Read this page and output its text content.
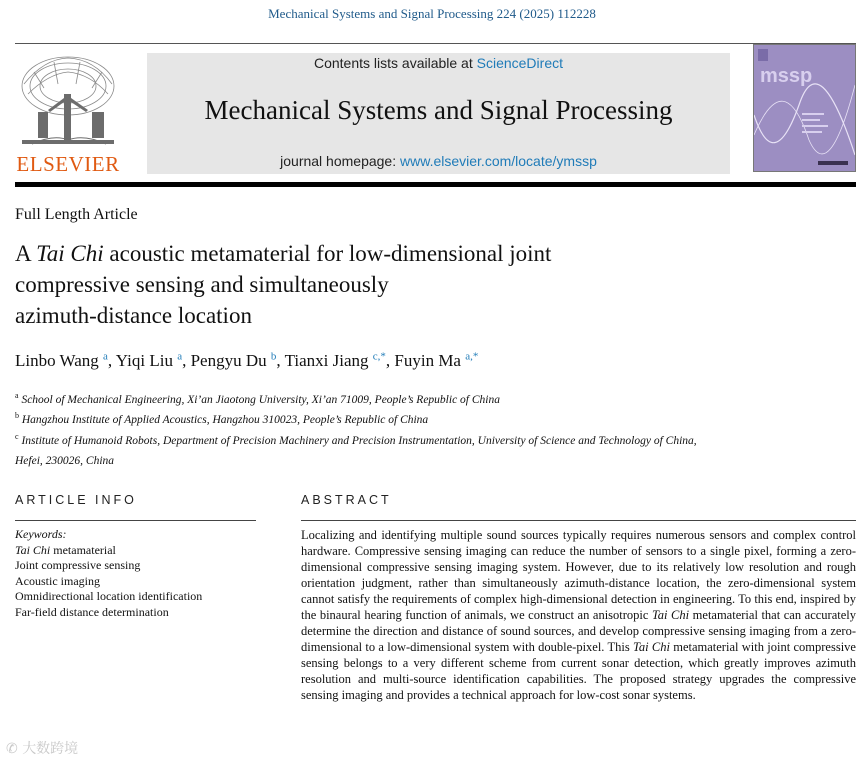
Mechanical Systems and Signal Processing 224 (2025) 112228
ELSEVIER
Contents lists available at ScienceDirect
Mechanical Systems and Signal Processing
journal homepage: www.elsevier.com/locate/ymssp
mssp
Full Length Article
A Tai Chi acoustic metamaterial for low-dimensional joint
compressive sensing and simultaneously
azimuth-distance location
Linbo Wang $^a$, Yiqi Liu $^a$, Pengyu Du $^b$, Tianxi Jiang $^{c,*}$, Fuyin Ma $^{a,*}$
$^a$ School of Mechanical Engineering, Xi’an Jiaotong University, Xi’an 71009, People’s Republic of China
$^b$ Hangzhou Institute of Applied Acoustics, Hangzhou 310023, People’s Republic of China
$^c$ Institute of Humanoid Robots, Department of Precision Machinery and Precision Instrumentation, University of Science and Technology of China,
Hefei, 230026, China
ARTICLE INFO	ABSTRACT
Keywords:
Tai Chi metamaterial
Joint compressive sensing
Acoustic imaging
Omnidirectional location identification
Far-field distance determination
Localizing and identifying multiple sound sources typically requires numerous sensors and complex control hardware. Compressive sensing imaging can reduce the number of sensors to a single pixel, forming a zero-dimensional compressive sensing imaging system. However, due to its relatively low resolution and rough orientation judgment, rather than simultaneously azimuth-distance location, the zero-dimensional system cannot satisfy the requirements of complex high-dimensional detection in engineering. To this end, inspired by the binaural hearing function of animals, we construct an anisotropic Tai Chi metamaterial that can accurately determine the direction and distance of sound sources, and develop compressive sensing imaging from a zero-dimensional to a low-dimensional system with double-pixel. This Tai Chi metamaterial with joint compressive sensing belongs to a very different scheme from current sonar detection, which greatly improves azimuth resolution and multi-source identification capabilities. The proposed strategy upgrades the compressive sensing imaging and provides a technical approach for low-cost sonar systems.
✆ 大数跨境
